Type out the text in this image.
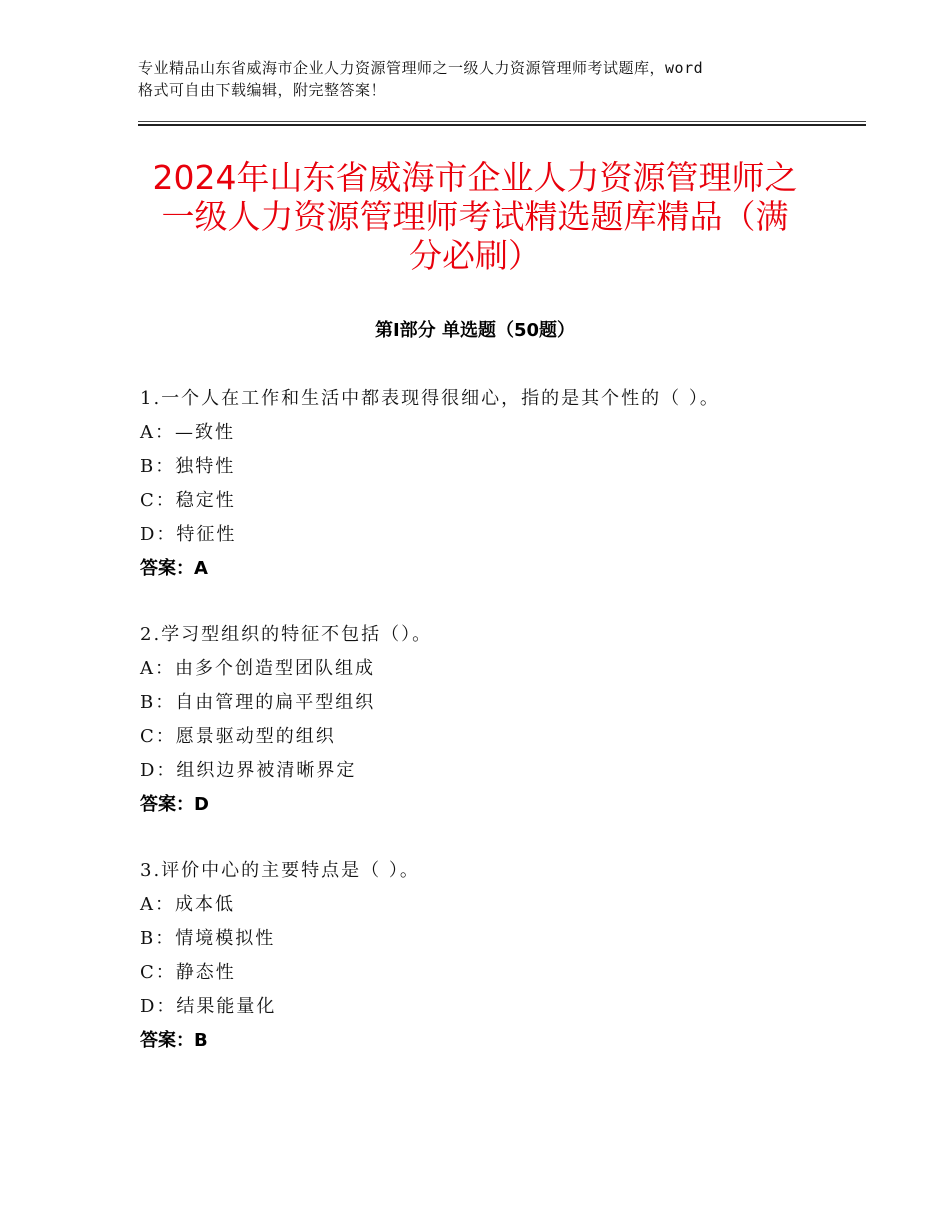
专业精品山东省威海市企业人力资源管理师之一级人力资源管理师考试题库，word
格式可自由下载编辑，附完整答案！
2024年山东省威海市企业人力资源管理师之
一级人力资源管理师考试精选题库精品（满
分必刷）
第Ⅰ部分 单选题（50题）
1.一个人在工作和生活中都表现得很细心，指的是其个性的（ ）。
A：—致性
B：独特性
C：稳定性
D：特征性
答案：A
2.学习型组织的特征不包括（）。
A：由多个创造型团队组成
B：自由管理的扁平型组织
C：愿景驱动型的组织
D：组织边界被清晰界定
答案：D
3.评价中心的主要特点是（ ）。
A：成本低
B：情境模拟性
C：静态性
D：结果能量化
答案：B
